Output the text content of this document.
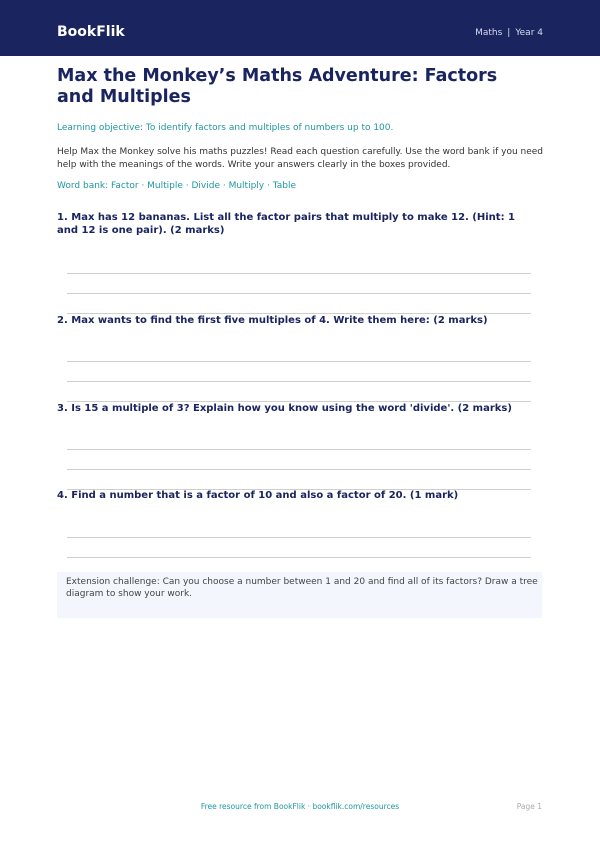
BookFlik	Maths | Year 4
Max the Monkey’s Maths Adventure: Factors and Multiples
Learning objective: To identify factors and multiples of numbers up to 100.
Help Max the Monkey solve his maths puzzles! Read each question carefully. Use the word bank if you need help with the meanings of the words. Write your answers clearly in the boxes provided.
Word bank: Factor · Multiple · Divide · Multiply · Table
1. Max has 12 bananas. List all the factor pairs that multiply to make 12. (Hint: 1 and 12 is one pair). (2 marks)
2. Max wants to find the first five multiples of 4. Write them here: (2 marks)
3. Is 15 a multiple of 3? Explain how you know using the word 'divide'. (2 marks)
4. Find a number that is a factor of 10 and also a factor of 20. (1 mark)
Extension challenge: Can you choose a number between 1 and 20 and find all of its factors? Draw a tree diagram to show your work.
Free resource from BookFlik · bookflik.com/resources	Page 1
